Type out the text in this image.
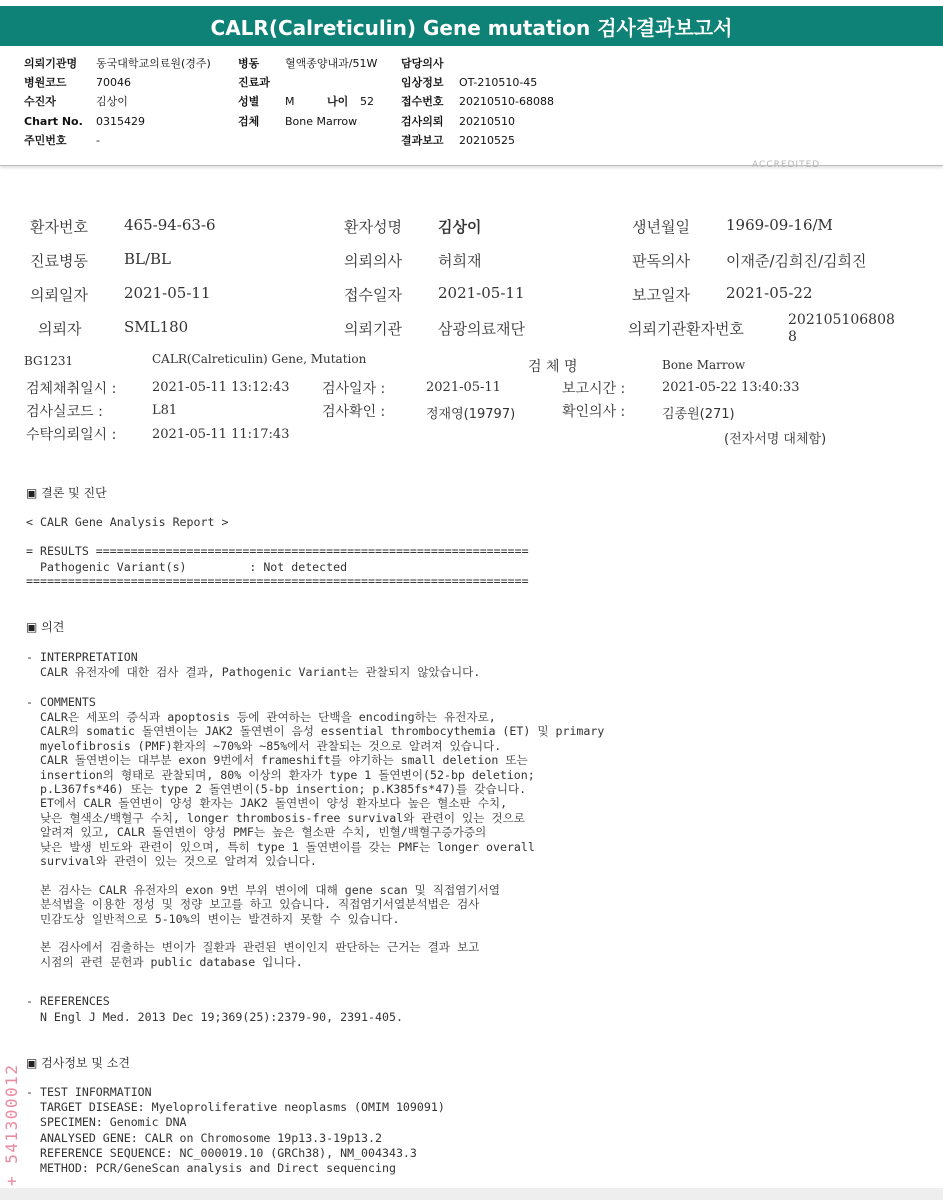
CALR(Calreticulin) Gene mutation 검사결과보고서
의뢰기관명 동국대학교의료원(경주) 병동 혈액종양내과/51W 담당의사
병원코드	70046	진료과	임상정보 OT-210510-45
수진자	김상이	성별 M	나이 52 접수번호 20210510-68088
Chart No. 0315429	검체 Bone Marrow	검사의뢰 20210510
주민번호	-	결과보고 20210525
ACCREDITED
환자번호 465-94-63-6	환자성명 김상이	생년월일 1969-09-16/M
진료병동 BL/BL	의뢰의사 허희재	판독의사 이재준/김희진/김희진
의뢰일자 2021-05-11	접수일자 2021-05-11	보고일자 2021-05-22
의뢰자	SML180	의뢰기관 삼광의료재단	의뢰기관환자번호	202105106808
8
BG1231	CALR(Calreticulin) Gene, Mutation	검 체 명	Bone Marrow
검체채취일시 :	2021-05-11 13:12:43 검사일자 :	2021-05-11	보고시간 :	2021-05-22 13:40:33
검사실코드 :	L81	검사확인 :	정재영(19797)	확인의사 :	김종원(271)
수탁의뢰일시 :	2021-05-11 11:17:43	(전자서명 대체함)
▣ 결론 및 진단
< CALR Gene Analysis Report >
= RESULTS ==============================================================
Pathogenic Variant(s)         : Not detected
========================================================================
▣ 의견
- INTERPRETATION
CALR 유전자에 대한 검사 결과, Pathogenic Variant는 관찰되지 않았습니다.
- COMMENTS
CALR은 세포의 증식과 apoptosis 등에 관여하는 단백을 encoding하는 유전자로,
CALR의 somatic 돌연변이는 JAK2 돌연변이 음성 essential thrombocythemia (ET) 및 primary
myelofibrosis (PMF)환자의 ~70%와 ~85%에서 관찰되는 것으로 알려져 있습니다.
CALR 돌연변이는 대부분 exon 9번에서 frameshift를 야기하는 small deletion 또는
insertion의 형태로 관찰되며, 80% 이상의 환자가 type 1 돌연변이(52-bp deletion;
p.L367fs*46) 또는 type 2 돌연변이(5-bp insertion; p.K385fs*47)를 갖습니다.
ET에서 CALR 돌연변이 양성 환자는 JAK2 돌연변이 양성 환자보다 높은 혈소판 수치,
낮은 혈색소/백혈구 수치, longer thrombosis-free survival와 관련이 있는 것으로
알려져 있고, CALR 돌연변이 양성 PMF는 높은 혈소판 수치, 빈혈/백혈구증가증의
낮은 발생 빈도와 관련이 있으며, 특히 type 1 돌연변이를 갖는 PMF는 longer overall
survival와 관련이 있는 것으로 알려져 있습니다.
본 검사는 CALR 유전자의 exon 9번 부위 변이에 대해 gene scan 및 직접염기서열
분석법을 이용한 정성 및 정량 보고를 하고 있습니다. 직접염기서열분석법은 검사
민감도상 일반적으로 5-10%의 변이는 발견하지 못할 수 있습니다.
본 검사에서 검출하는 변이가 질환과 관련된 변이인지 판단하는 근거는 결과 보고
시점의 관련 문헌과 public database 입니다.
- REFERENCES
N Engl J Med. 2013 Dec 19;369(25):2379-90, 2391-405.
▣ 검사정보 및 소견
- TEST INFORMATION
TARGET DISEASE: Myeloproliferative neoplasms (OMIM 109091)
SPECIMEN: Genomic DNA
ANALYSED GENE: CALR on Chromosome 19p13.3-19p13.2
REFERENCE SEQUENCE: NC_000019.10 (GRCh38), NM_004343.3
METHOD: PCR/GeneScan analysis and Direct sequencing
+ 541300012
